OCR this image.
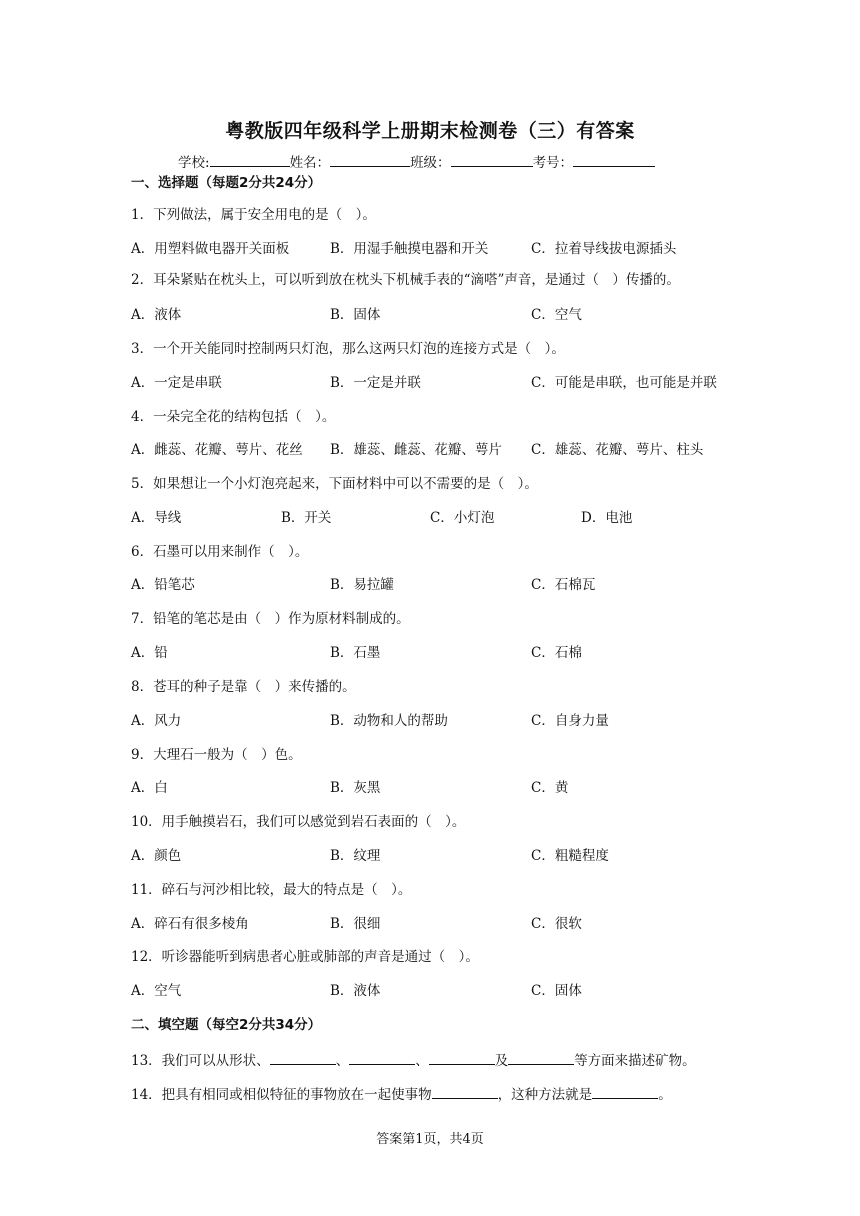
粤教版四年级科学上册期末检测卷（三）有答案
学校:	姓名：	班级：	考号：
一、选择题（每题2分共24分）
1．下列做法，属于安全用电的是（　）。
A．用塑料做电器开关面板	B．用湿手触摸电器和开关	C．拉着导线拔电源插头
2．耳朵紧贴在枕头上，可以听到放在枕头下机械手表的“滴嗒”声音，是通过（　）传播的。
A．液体	B．固体	C．空气
3．一个开关能同时控制两只灯泡，那么这两只灯泡的连接方式是（　）。
A．一定是串联	B．一定是并联	C．可能是串联，也可能是并联
4．一朵完全花的结构包括（　）。
A．雌蕊、花瓣、萼片、花丝 B．雄蕊、雌蕊、花瓣、萼片 C．雄蕊、花瓣、萼片、柱头
5．如果想让一个小灯泡亮起来，下面材料中可以不需要的是（　）。
A．导线	B．开关	C．小灯泡	D．电池
6．石墨可以用来制作（　）。
A．铅笔芯	B．易拉罐	C．石棉瓦
7．铅笔的笔芯是由（　）作为原材料制成的。
A．铅	B．石墨	C．石棉
8．苍耳的种子是靠（　）来传播的。
A．风力	B．动物和人的帮助	C．自身力量
9．大理石一般为（　）色。
A．白	B．灰黑	C．黄
10．用手触摸岩石，我们可以感觉到岩石表面的（　）。
A．颜色	B．纹理	C．粗糙程度
11．碎石与河沙相比较，最大的特点是（　）。
A．碎石有很多棱角	B．很细	C．很软
12．听诊器能听到病患者心脏或肺部的声音是通过（　）。
A．空气	B．液体	C．固体
二、填空题（每空2分共34分）
13．我们可以从形状、	、	、	及	等方面来描述矿物。
14．把具有相同或相似特征的事物放在一起使事物	，这种方法就是	。
答案第1页，共4页
